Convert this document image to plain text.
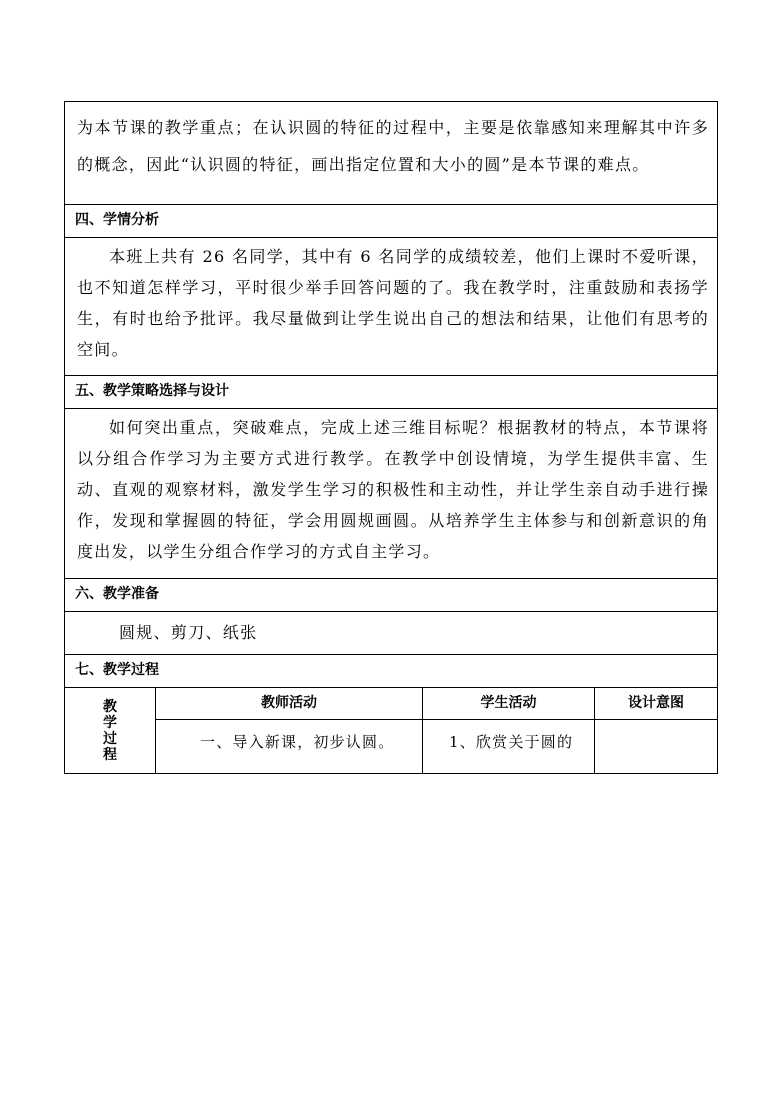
为本节课的教学重点；在认识圆的特征的过程中，主要是依靠感知来理解其中许多的概念，因此“认识圆的特征，画出指定位置和大小的圆”是本节课的难点。

四、学情分析

本班上共有 26 名同学，其中有 6 名同学的成绩较差，他们上课时不爱听课，也不知道怎样学习，平时很少举手回答问题的了。我在教学时，注重鼓励和表扬学生，有时也给予批评。我尽量做到让学生说出自己的想法和结果，让他们有思考的空间。

五、教学策略选择与设计

如何突出重点，突破难点，完成上述三维目标呢？根据教材的特点，本节课将以分组合作学习为主要方式进行教学。在教学中创设情境，为学生提供丰富、生动、直观的观察材料，激发学生学习的积极性和主动性，并让学生亲自动手进行操作，发现和掌握圆的特征，学会用圆规画圆。从培养学生主体参与和创新意识的角度出发，以学生分组合作学习的方式自主学习。

六、教学准备

圆规、剪刀、纸张

七、教学过程
教学过程
教师活动	学生活动	设计意图
一、导入新课，初步认圆。	1、欣赏关于圆的
